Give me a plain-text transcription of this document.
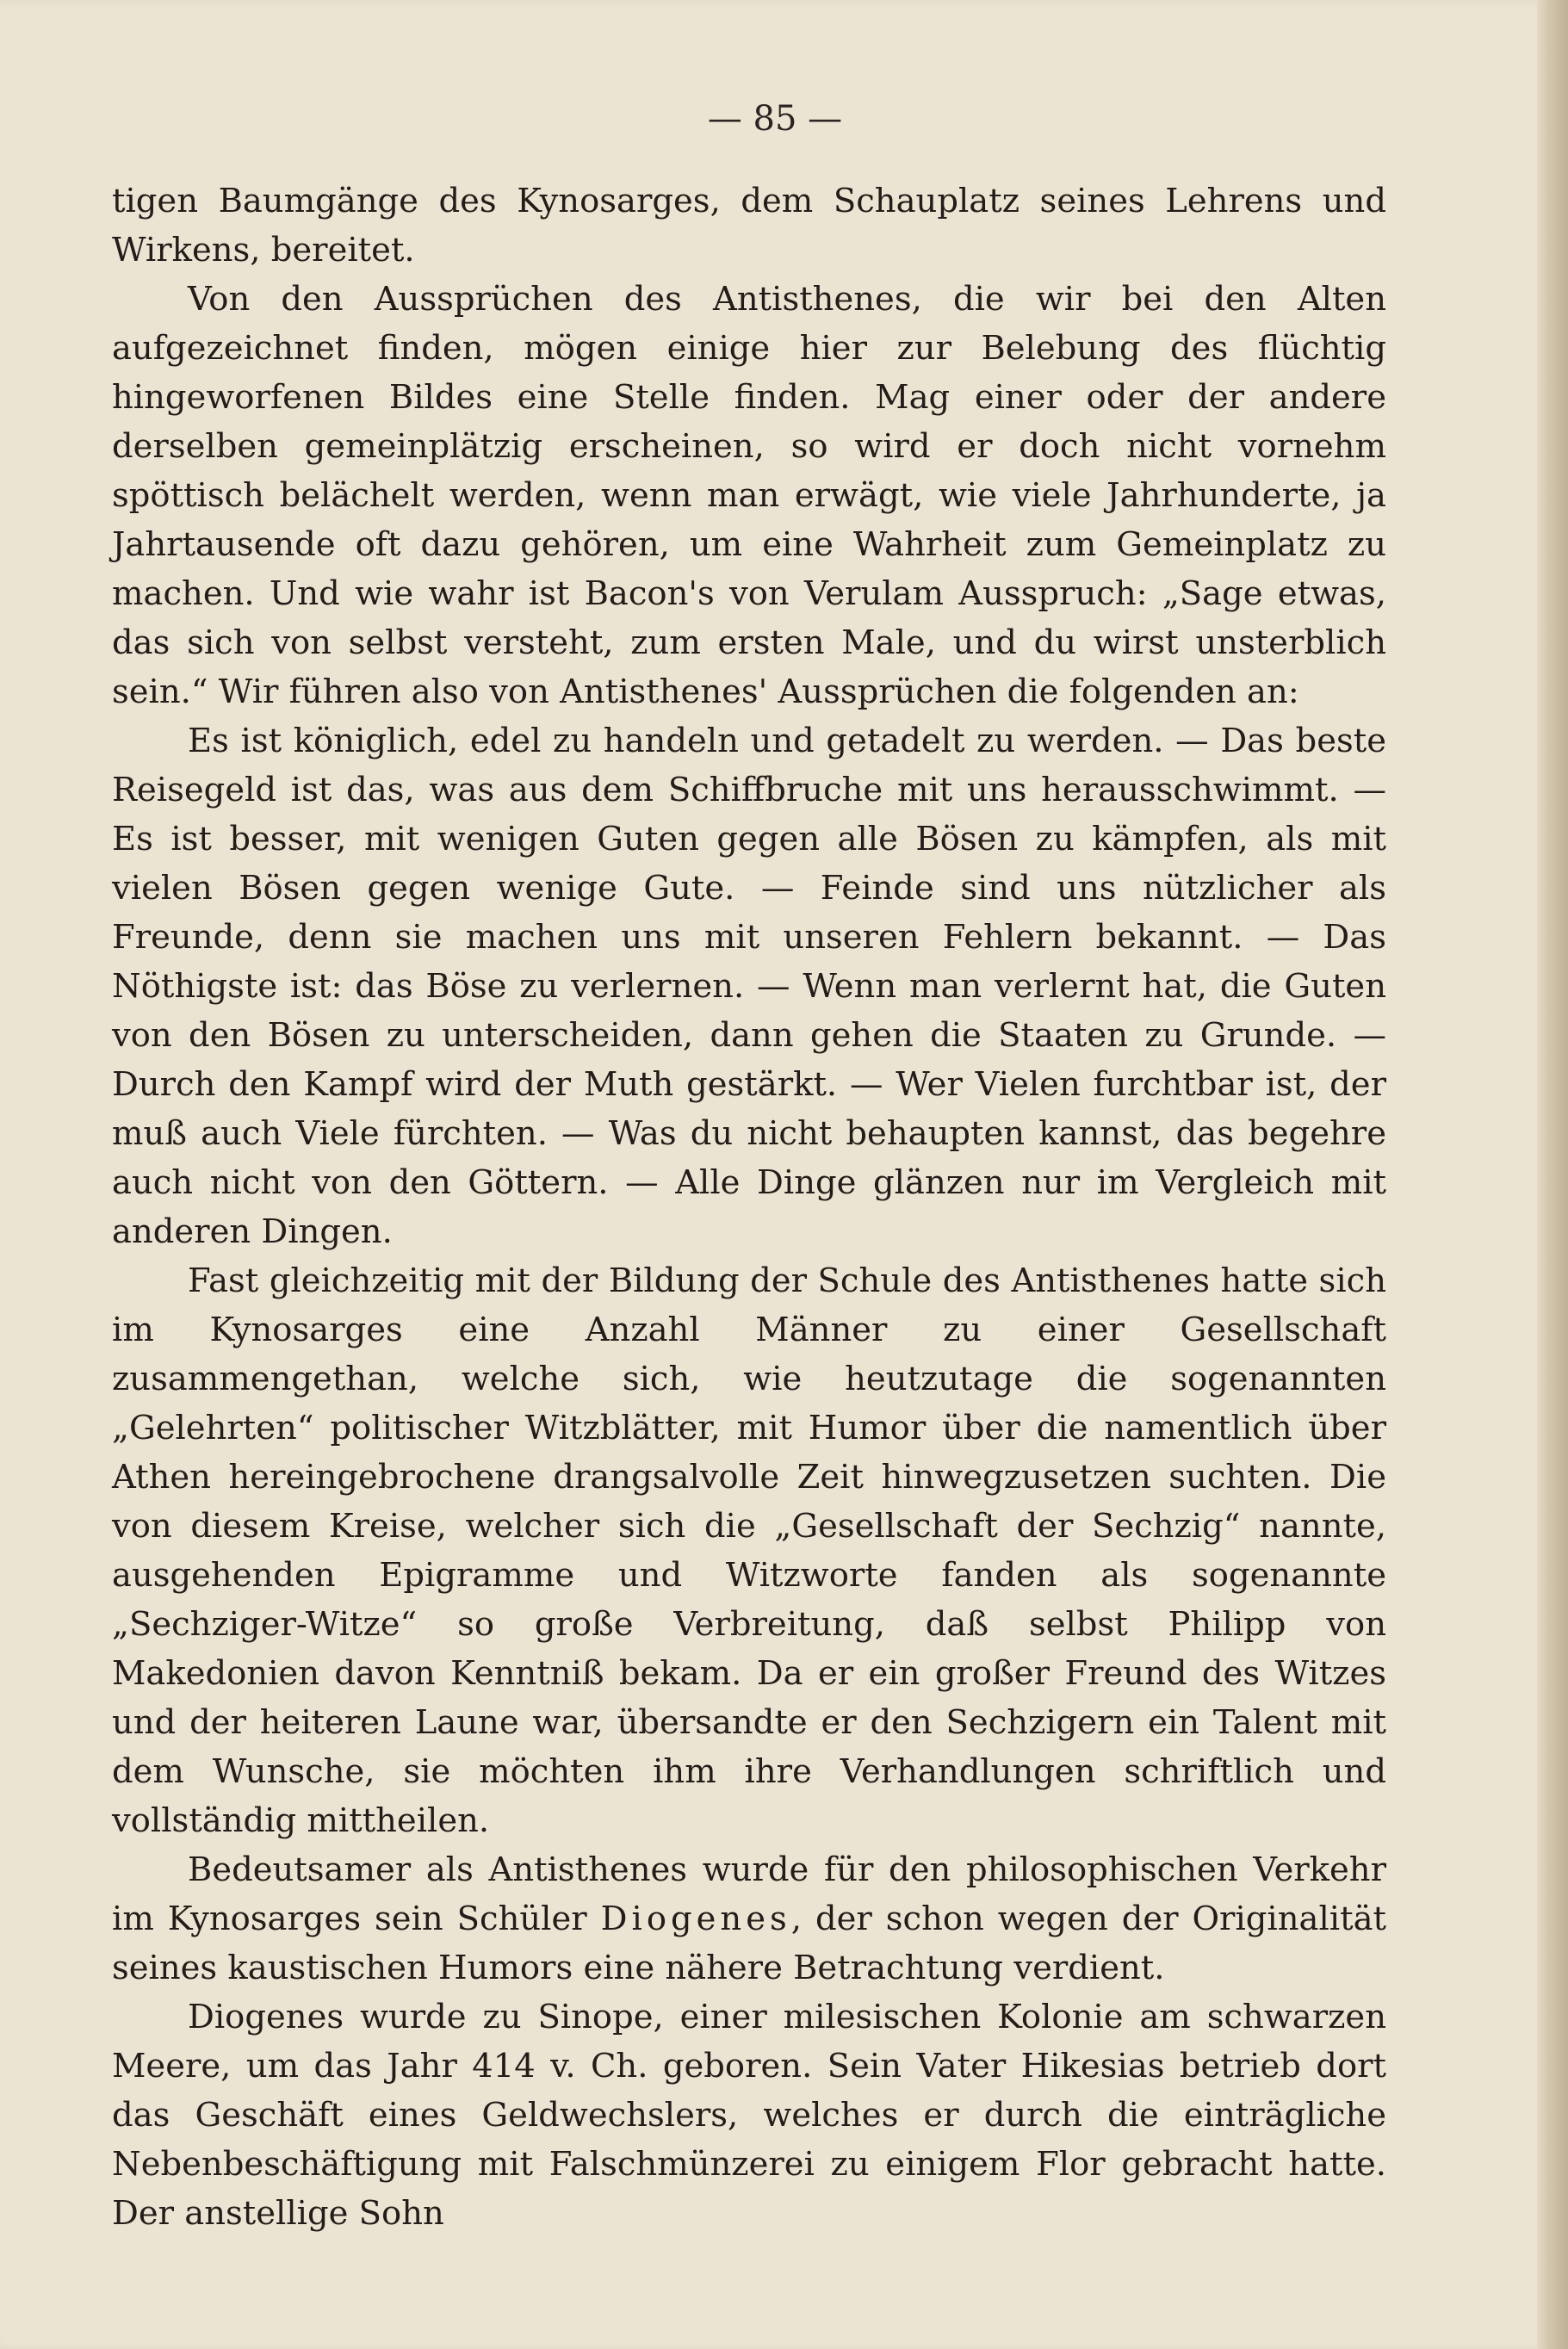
— 85 —

tigen Baumgänge des Kynosarges, dem Schauplatz seines Lehrens und Wirkens, bereitet.

Von den Aussprüchen des Antisthenes, die wir bei den Alten aufgezeichnet finden, mögen einige hier zur Belebung des flüchtig hingeworfenen Bildes eine Stelle finden. Mag einer oder der andere derselben gemeinplätzig erscheinen, so wird er doch nicht vornehm spöttisch belächelt werden, wenn man erwägt, wie viele Jahrhunderte, ja Jahrtausende oft dazu gehören, um eine Wahrheit zum Gemeinplatz zu machen. Und wie wahr ist Bacon's von Verulam Ausspruch: „Sage etwas, das sich von selbst versteht, zum ersten Male, und du wirst unsterblich sein.“ Wir führen also von Antisthenes' Aussprüchen die folgenden an:

Es ist königlich, edel zu handeln und getadelt zu werden. — Das beste Reisegeld ist das, was aus dem Schiffbruche mit uns herausschwimmt. — Es ist besser, mit wenigen Guten gegen alle Bösen zu kämpfen, als mit vielen Bösen gegen wenige Gute. — Feinde sind uns nützlicher als Freunde, denn sie machen uns mit unseren Fehlern bekannt. — Das Nöthigste ist: das Böse zu verlernen. — Wenn man verlernt hat, die Guten von den Bösen zu unterscheiden, dann gehen die Staaten zu Grunde. — Durch den Kampf wird der Muth gestärkt. — Wer Vielen furchtbar ist, der muß auch Viele fürchten. — Was du nicht behaupten kannst, das begehre auch nicht von den Göttern. — Alle Dinge glänzen nur im Vergleich mit anderen Dingen.

Fast gleichzeitig mit der Bildung der Schule des Antisthenes hatte sich im Kynosarges eine Anzahl Männer zu einer Gesellschaft zusammengethan, welche sich, wie heutzutage die sogenannten „Gelehrten“ politischer Witzblätter, mit Humor über die namentlich über Athen hereingebrochene drangsalvolle Zeit hinwegzusetzen suchten. Die von diesem Kreise, welcher sich die „Gesellschaft der Sechzig“ nannte, ausgehenden Epigramme und Witzworte fanden als sogenannte „Sechziger-Witze“ so große Verbreitung, daß selbst Philipp von Makedonien davon Kenntniß bekam. Da er ein großer Freund des Witzes und der heiteren Laune war, übersandte er den Sechzigern ein Talent mit dem Wunsche, sie möchten ihm ihre Verhandlungen schriftlich und vollständig mittheilen.

Bedeutsamer als Antisthenes wurde für den philosophischen Verkehr im Kynosarges sein Schüler Diogenes, der schon wegen der Originalität seines kaustischen Humors eine nähere Betrachtung verdient.

Diogenes wurde zu Sinope, einer milesischen Kolonie am schwarzen Meere, um das Jahr 414 v. Ch. geboren. Sein Vater Hikesias betrieb dort das Geschäft eines Geldwechslers, welches er durch die einträgliche Nebenbeschäftigung mit Falschmünzerei zu einigem Flor gebracht hatte. Der anstellige Sohn
